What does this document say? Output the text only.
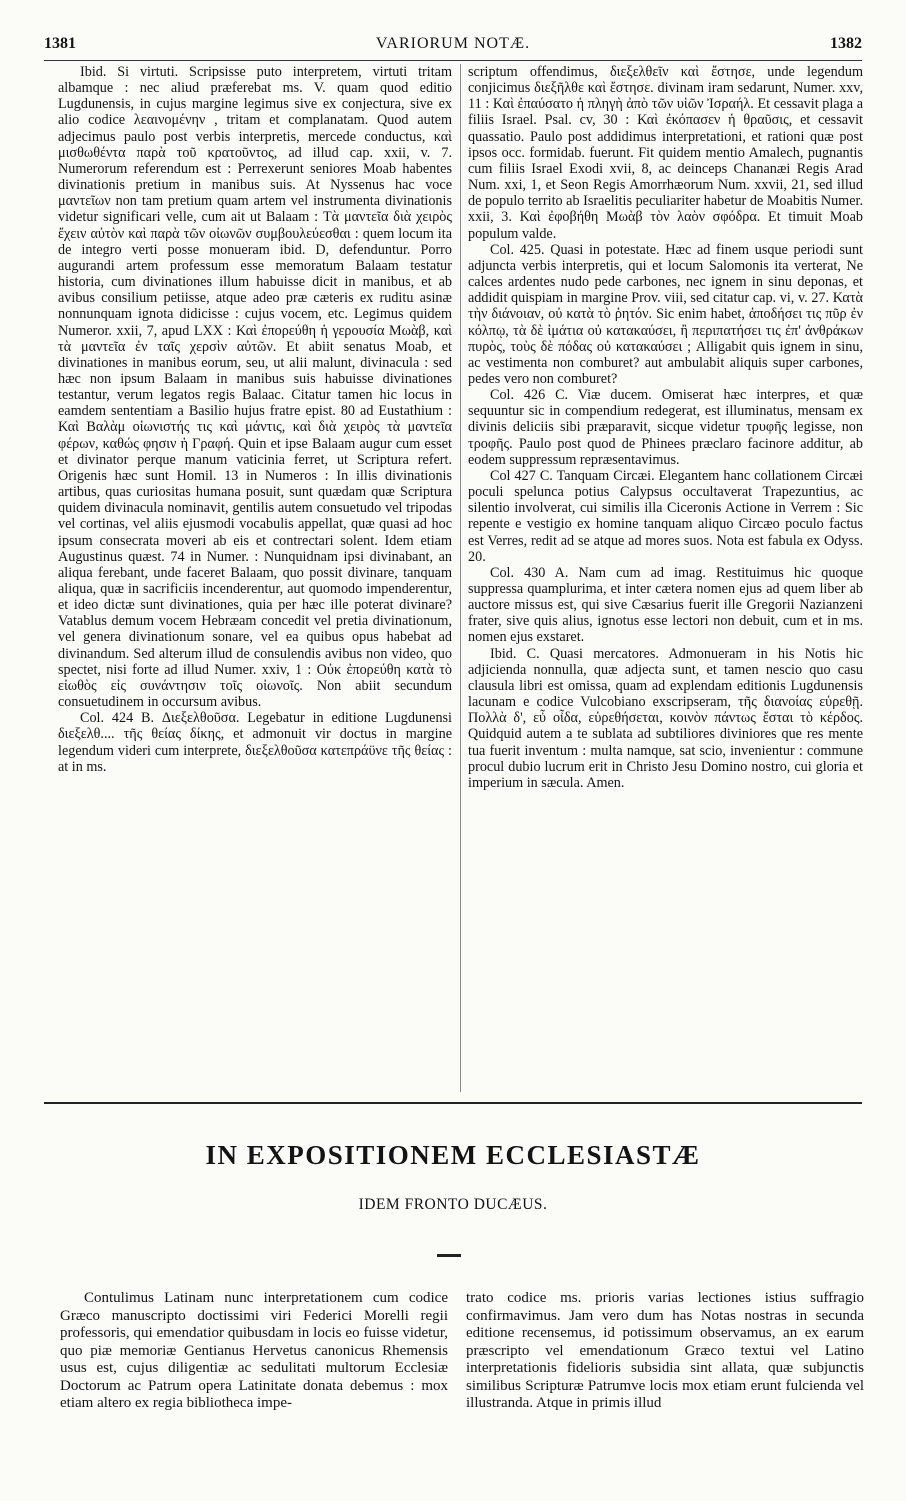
1381	VARIORUM NOTÆ.	1382

Ibid. Si virtuti. Scripsisse puto interpretem, virtuti tritam albamque : nec aliud præferebat ms. V. quam quod editio Lugdunensis, in cujus margine legimus sive ex conjectura, sive ex alio codice λεαινομένην , tritam et complanatam. Quod autem adjecimus paulo post verbis interpretis, mercede conductus, καὶ μισθωθέντα παρὰ τοῦ κρατοῦντος, ad illud cap. xxii, v. 7. Numerorum referendum est : Perrexerunt seniores Moab habentes divinationis pretium in manibus suis. At Nyssenus hac voce μαντεῖων non tam pretium quam artem vel instrumenta divinationis videtur significari velle, cum ait ut Balaam : Τὰ μαντεῖα διὰ χειρὸς ἔχειν αὐτὸν καὶ παρὰ τῶν οἰωνῶν συμβουλεύεσθαι : quem locum ita de integro verti posse monueram ibid. D, defenduntur. Porro augurandi artem professum esse memoratum Balaam testatur historia, cum divinationes illum habuisse dicit in manibus, et ab avibus consilium petiisse, atque adeo præ cæteris ex ruditu asinæ nonnunquam ignota didicisse : cujus vocem, etc. Legimus quidem Numeror. xxii, 7, apud LXX : Καὶ ἐπορεύθη ἡ γερουσία Μωὰβ, καὶ τὰ μαντεῖα ἐν ταῖς χερσὶν αὐτῶν. Et abiit senatus Moab, et divinationes in manibus eorum, seu, ut alii malunt, divinacula : sed hæc non ipsum Balaam in manibus suis habuisse divinationes testantur, verum legatos regis Balaac. Citatur tamen hic locus in eamdem sententiam a Basilio hujus fratre epist. 80 ad Eustathium : Καὶ Βαλὰμ οἰωνιστής τις καὶ μάντις, καὶ διὰ χειρὸς τὰ μαντεῖα φέρων, καθώς φησιν ἡ Γραφή. Quin et ipse Balaam augur cum esset et divinator perque manum vaticinia ferret, ut Scriptura refert. Origenis hæc sunt Homil. 13 in Numeros : In illis divinationis artibus, quas curiositas humana posuit, sunt quædam quæ Scriptura quidem divinacula nominavit, gentilis autem consuetudo vel tripodas vel cortinas, vel aliis ejusmodi vocabulis appellat, quæ quasi ad hoc ipsum consecrata moveri ab eis et contrectari solent. Idem etiam Augustinus quæst. 74 in Numer. : Nunquidnam ipsi divinabant, an aliqua ferebant, unde faceret Balaam, quo possit divinare, tanquam aliqua, quæ in sacrificiis incenderentur, aut quomodo impenderentur, et ideo dictæ sunt divinationes, quia per hæc ille poterat divinare? Vatablus demum vocem Hebræam concedit vel pretia divinationum, vel genera divinationum sonare, vel ea quibus opus habebat ad divinandum. Sed alterum illud de consulendis avibus non video, quo spectet, nisi forte ad illud Numer. xxiv, 1 : Οὐκ ἐπορεύθη κατὰ τὸ εἰωθὸς εἰς συνάντησιν τοῖς οἰωνοῖς. Non abiit secundum consuetudinem in occursum avibus.

Col. 424 B. Διεξελθοῦσα. Legebatur in editione Lugdunensi διεξελθ.... τῆς θείας δίκης, et admonuit vir doctus in margine legendum videri cum interprete, διεξελθοῦσα κατεπράϋνε τῆς θείας : at in ms.

scriptum offendimus, διεξελθεῖν καὶ ἔστησε, unde legendum conjicimus διεξῆλθε καὶ ἔστησε. divinam iram sedarunt, Numer. xxv, 11 : Καὶ ἐπαύσατο ἡ πληγὴ ἀπὸ τῶν υἱῶν Ἰσραήλ. Et cessavit plaga a filiis Israel. Psal. cv, 30 : Καὶ ἐκόπασεν ἡ θραῦσις, et cessavit quassatio. Paulo post addidimus interpretationi, et rationi quæ post ipsos occ. formidab. fuerunt. Fit quidem mentio Amalech, pugnantis cum filiis Israel Exodi xvii, 8, ac deinceps Chananæi Regis Arad Num. xxi, 1, et Seon Regis Amorrhæorum Num. xxvii, 21, sed illud de populo territo ab Israelitis peculiariter habetur de Moabitis Numer. xxii, 3. Καὶ ἐφοβήθη Μωὰβ τὸν λαὸν σφόδρα. Et timuit Moab populum valde.

Col. 425. Quasi in potestate. Hæc ad finem usque periodi sunt adjuncta verbis interpretis, qui et locum Salomonis ita verterat, Ne calces ardentes nudo pede carbones, nec ignem in sinu deponas, et addidit quispiam in margine Prov. viii, sed citatur cap. vi, v. 27. Κατὰ τὴν διάνοιαν, οὐ κατὰ τὸ ῥητόν. Sic enim habet, ἀποδήσει τις πῦρ ἐν κόλπῳ, τὰ δὲ ἱμάτια οὐ κατακαύσει, ἢ περιπατήσει τις ἐπ' ἀνθράκων πυρὸς, τοὺς δὲ πόδας οὐ κατακαύσει ; Alligabit quis ignem in sinu, ac vestimenta non comburet? aut ambulabit aliquis super carbones, pedes vero non comburet?

Col. 426 C. Viæ ducem. Omiserat hæc interpres, et quæ sequuntur sic in compendium redegerat, est illuminatus, mensam ex divinis deliciis sibi præparavit, sicque videtur τρυφῆς legisse, non τροφῆς. Paulo post quod de Phinees præclaro facinore additur, ab eodem suppressum repræsentavimus.

Col 427 C. Tanquam Circæi. Elegantem hanc collationem Circæi poculi spelunca potius Calypsus occultaverat Trapezuntius, ac silentio involverat, cui similis illa Ciceronis Actione in Verrem : Sic repente e vestigio ex homine tanquam aliquo Circæo poculo factus est Verres, redit ad se atque ad mores suos. Nota est fabula ex Odyss. 20.

Col. 430 A. Nam cum ad imag. Restituimus hic quoque suppressa quamplurima, et inter cætera nomen ejus ad quem liber ab auctore missus est, qui sive Cæsarius fuerit ille Gregorii Nazianzeni frater, sive quis alius, ignotus esse lectori non debuit, cum et in ms. nomen ejus exstaret.

Ibid. C. Quasi mercatores. Admonueram in his Notis hic adjicienda nonnulla, quæ adjecta sunt, et tamen nescio quo casu clausula libri est omissa, quam ad explendam editionis Lugdunensis lacunam e codice Vulcobiano exscripseram, τῆς διανοίας εὑρεθῇ. Πολλὰ δ', εὖ οἶδα, εὑρεθήσεται, κοινὸν πάντως ἔσται τὸ κέρδος. Quidquid autem a te sublata ad subtiliores diviniores que res mente tua fuerit inventum : multa namque, sat scio, invenientur : commune procul dubio lucrum erit in Christo Jesu Domino nostro, cui gloria et imperium in sæcula. Amen.

IN EXPOSITIONEM ECCLESIASTÆ
IDEM FRONTO DUCÆUS.

Contulimus Latinam nunc interpretationem cum codice Græco manuscripto doctissimi viri Federici Morelli regii professoris, qui emendatior quibusdam in locis eo fuisse videtur, quo piæ memoriæ Gentianus Hervetus canonicus Rhemensis usus est, cujus diligentiæ ac sedulitati multorum Ecclesiæ Doctorum ac Patrum opera Latinitate donata debemus : mox etiam altero ex regia bibliotheca impe-

trato codice ms. prioris varias lectiones istius suffragio confirmavimus. Jam vero dum has Notas nostras in secunda editione recensemus, id potissimum observamus, an ex earum præscripto vel emendationum Græco textui vel Latino interpretationis fidelioris subsidia sint allata, quæ subjunctis similibus Scripturæ Patrumve locis mox etiam erunt fulcienda vel illustranda. Atque in primis illud
